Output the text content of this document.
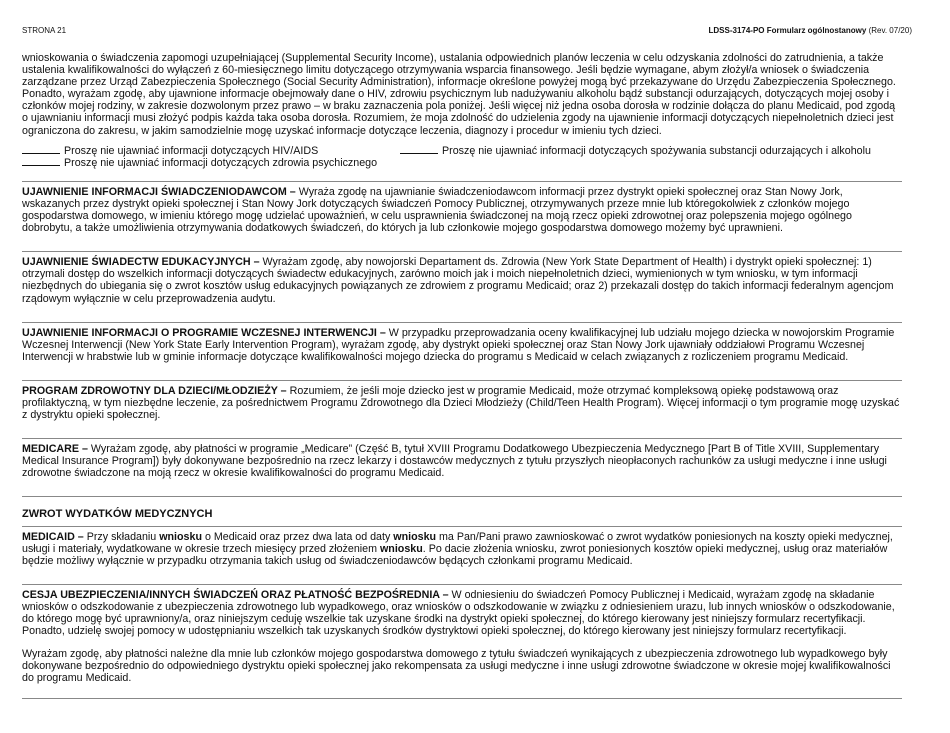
STRONA 21	LDSS-3174-PO Formularz ogólnostanowy (Rev. 07/20)

wnioskowania o świadczenia zapomogi uzupełniającej (Supplemental Security Income), ustalania odpowiednich planów leczenia w celu odzyskania zdolności do zatrudnienia, a także ustalenia kwalifikowalności do wyłączeń z 60-miesięcznego limitu dotyczącego otrzymywania wsparcia finansowego. Jeśli będzie wymagane, abym złożył/a wniosek o świadczenia zarządzane przez Urząd Zabezpieczenia Społecznego (Social Security Administration), informacje określone powyżej mogą być przekazywane do Urzędu Zabezpieczenia Społecznego. Ponadto, wyrażam zgodę, aby ujawnione informacje obejmowały dane o HIV, zdrowiu psychicznym lub nadużywaniu alkoholu bądź substancji odurzających, dotyczących mojej osoby i członków mojej rodziny, w zakresie dozwolonym przez prawo – w braku zaznaczenia pola poniżej. Jeśli więcej niż jedna osoba dorosła w rodzinie dołącza do planu Medicaid, pod zgodą o ujawnianiu informacji musi złożyć podpis każda taka osoba dorosła. Rozumiem, że moja zdolność do udzielenia zgody na ujawnienie informacji dotyczących niepełnoletnich dzieci jest ograniczona do zakresu, w jakim samodzielnie mogę uzyskać informacje dotyczące leczenia, diagnozy i procedur w imieniu tych dzieci.

Proszę nie ujawniać informacji dotyczących HIV/AIDS
Proszę nie ujawniać informacji dotyczących zdrowia psychicznego
Proszę nie ujawniać informacji dotyczących spożywania substancji odurzających i alkoholu

UJAWNIENIE INFORMACJI ŚWIADCZENIODAWCOM – Wyraża zgodę na ujawnianie świadczeniodawcom informacji przez dystrykt opieki społecznej oraz Stan Nowy Jork, wskazanych przez dystrykt opieki społecznej i Stan Nowy Jork dotyczących świadczeń Pomocy Publicznej, otrzymywanych przeze mnie lub któregokolwiek z członków mojego gospodarstwa domowego, w imieniu którego mogę udzielać upoważnień, w celu usprawnienia świadczonej na moją rzecz opieki zdrowotnej oraz polepszenia mojego ogólnego dobrobytu, a także umożliwienia otrzymywania dodatkowych świadczeń, do których ja lub członkowie mojego gospodarstwa domowego możemy być uprawnieni.

UJAWNIENIE ŚWIADECTW EDUKACYJNYCH – Wyrażam zgodę, aby nowojorski Departament ds. Zdrowia (New York State Department of Health) i dystrykt opieki społecznej: 1) otrzymali dostęp do wszelkich informacji dotyczących świadectw edukacyjnych, zarówno moich jak i moich niepełnoletnich dzieci, wymienionych w tym wniosku, w tym informacji niezbędnych do ubiegania się o zwrot kosztów usług edukacyjnych powiązanych ze zdrowiem z programu Medicaid; oraz 2) przekazali dostęp do takich informacji federalnym agencjom rządowym wyłącznie w celu przeprowadzenia audytu.

UJAWNIENIE INFORMACJI O PROGRAMIE WCZESNEJ INTERWENCJI – W przypadku przeprowadzania oceny kwalifikacyjnej lub udziału mojego dziecka w nowojorskim Programie Wczesnej Interwencji (New York State Early Intervention Program), wyrażam zgodę, aby dystrykt opieki społecznej oraz Stan Nowy Jork ujawniały oddziałowi Programu Wczesnej Interwencji w hrabstwie lub w gminie informacje dotyczące kwalifikowalności mojego dziecka do programu s Medicaid w celach związanych z rozliczeniem programu Medicaid.

PROGRAM ZDROWOTNY DLA DZIECI/MŁODZIEŻY – Rozumiem, że jeśli moje dziecko jest w programie Medicaid, może otrzymać kompleksową opiekę podstawową oraz profilaktyczną, w tym niezbędne leczenie, za pośrednictwem Programu Zdrowotnego dla Dzieci Młodzieży (Child/Teen Health Program). Więcej informacji o tym programie mogę uzyskać z dystryktu opieki społecznej.

MEDICARE – Wyrażam zgodę, aby płatności w programie „Medicare” (Część B, tytuł XVIII Programu Dodatkowego Ubezpieczenia Medycznego [Part B of Title XVIII, Supplementary Medical Insurance Program]) były dokonywane bezpośrednio na rzecz lekarzy i dostawców medycznych z tytułu przyszłych nieopłaconych rachunków za usługi medyczne i inne usługi zdrowotne świadczone na moją rzecz w okresie kwalifikowalności do programu Medicaid.

ZWROT WYDATKÓW MEDYCZNYCH

MEDICAID – Przy składaniu wniosku o Medicaid oraz przez dwa lata od daty wniosku ma Pan/Pani prawo zawnioskować o zwrot wydatków poniesionych na koszty opieki medycznej, usługi i materiały, wydatkowane w okresie trzech miesięcy przed złożeniem wniosku. Po dacie złożenia wniosku, zwrot poniesionych kosztów opieki medycznej, usług oraz materiałów będzie możliwy wyłącznie w przypadku otrzymania takich usług od świadczeniodawców będących członkami programu Medicaid.

CESJA UBEZPIECZENIA/INNYCH ŚWIADCZEŃ ORAZ PŁATNOŚĆ BEZPOŚREDNIA – W odniesieniu do świadczeń Pomocy Publicznej i Medicaid, wyrażam zgodę na składanie wniosków o odszkodowanie z ubezpieczenia zdrowotnego lub wypadkowego, oraz wniosków o odszkodowanie w związku z odniesieniem urazu, lub innych wniosków o odszkodowanie, do którego mogę być uprawniony/a, oraz niniejszym ceduję wszelkie tak uzyskane środki na dystrykt opieki społecznej, do którego kierowany jest niniejszy formularz recertyfikacji. Ponadto, udzielę swojej pomocy w udostępnianiu wszelkich tak uzyskanych środków dystryktowi opieki społecznej, do którego kierowany jest niniejszy formularz recertyfikacji.

Wyrażam zgodę, aby płatności należne dla mnie lub członków mojego gospodarstwa domowego z tytułu świadczeń wynikających z ubezpieczenia zdrowotnego lub wypadkowego były dokonywane bezpośrednio do odpowiedniego dystryktu opieki społecznej jako rekompensata za usługi medyczne i inne usługi zdrowotne świadczone w okresie mojej kwalifikowalności do programu Medicaid.
